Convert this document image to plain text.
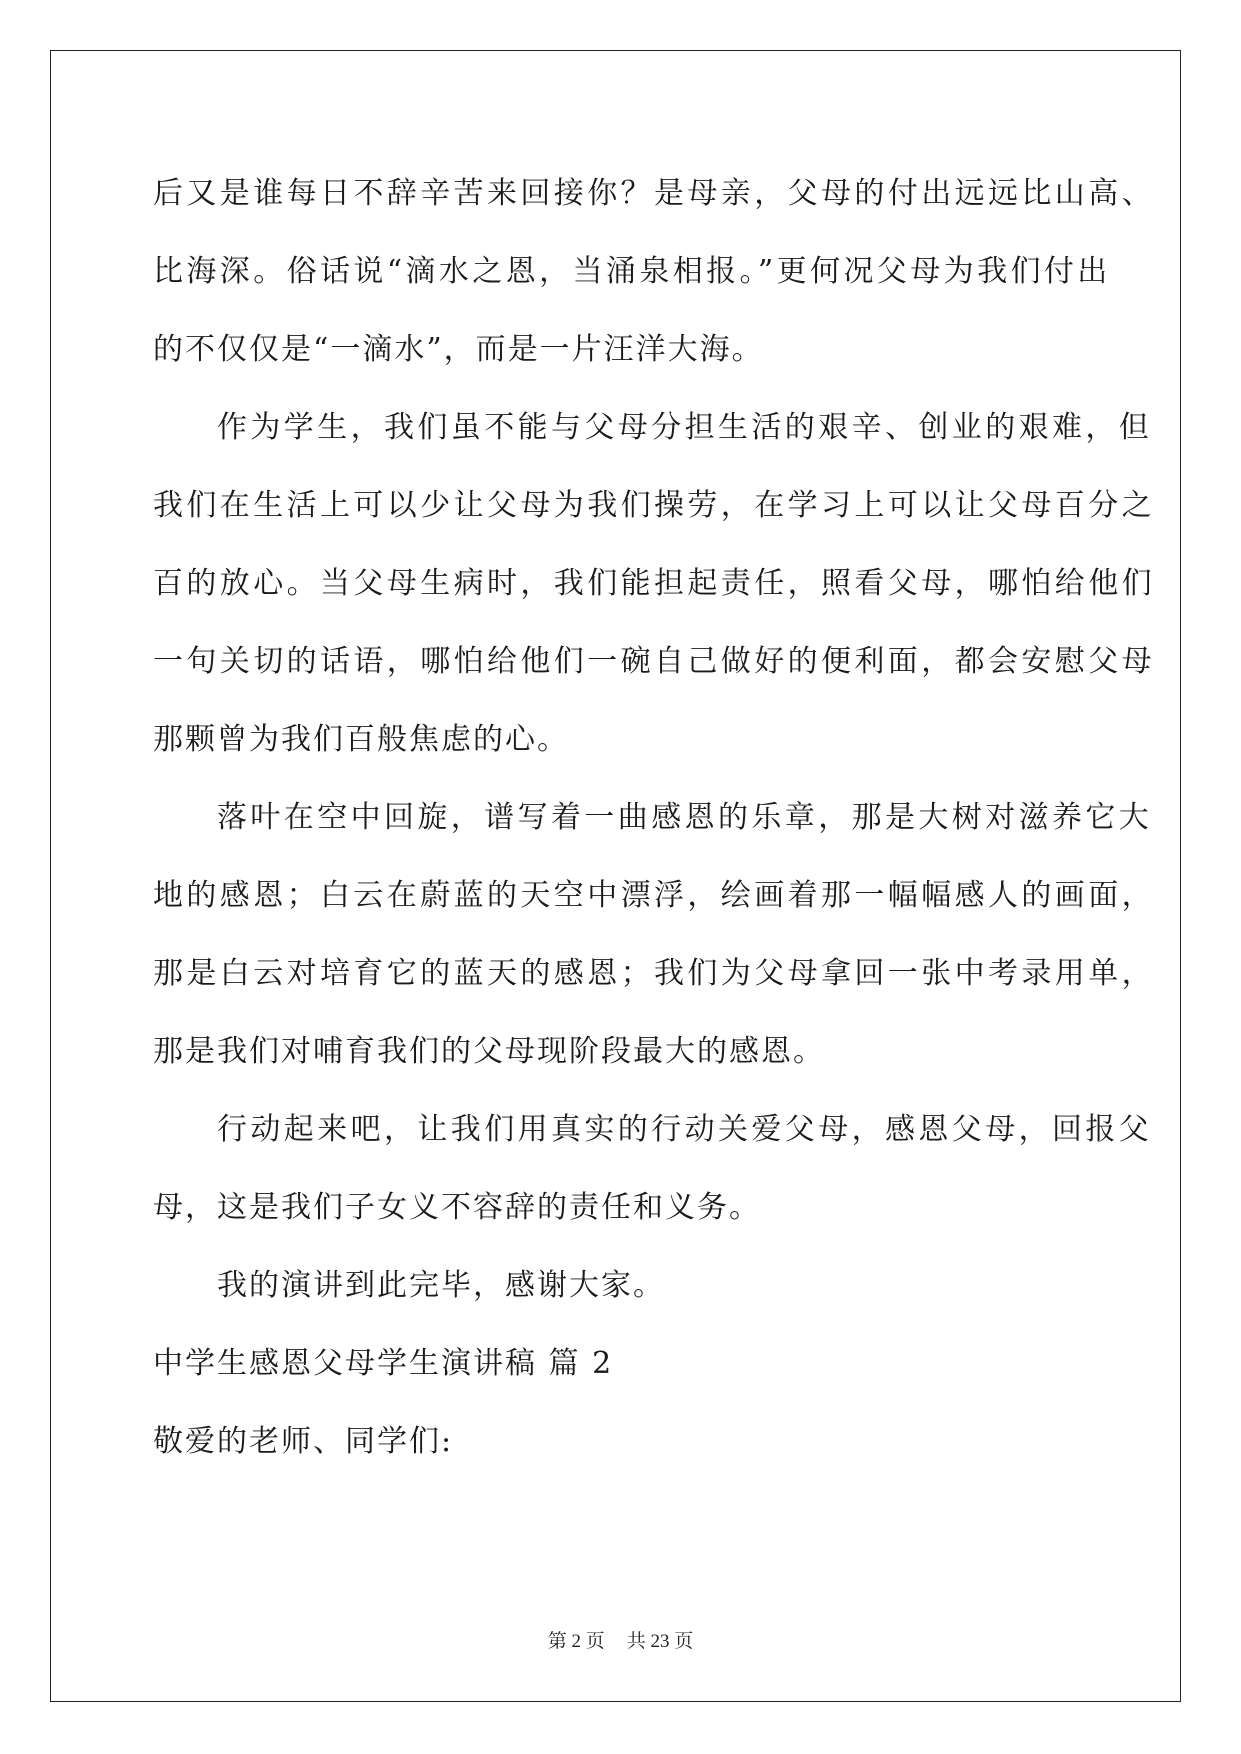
后又是谁每日不辞辛苦来回接你？是母亲，父母的付出远远比山高、
比海深。俗话说“滴水之恩，当涌泉相报。”更何况父母为我们付出
的不仅仅是“一滴水”，而是一片汪洋大海。
作为学生，我们虽不能与父母分担生活的艰辛、创业的艰难，但
我们在生活上可以少让父母为我们操劳，在学习上可以让父母百分之
百的放心。当父母生病时，我们能担起责任，照看父母，哪怕给他们
一句关切的话语，哪怕给他们一碗自己做好的便利面，都会安慰父母
那颗曾为我们百般焦虑的心。
落叶在空中回旋，谱写着一曲感恩的乐章，那是大树对滋养它大
地的感恩；白云在蔚蓝的天空中漂浮，绘画着那一幅幅感人的画面，
那是白云对培育它的蓝天的感恩；我们为父母拿回一张中考录用单，
那是我们对哺育我们的父母现阶段最大的感恩。
行动起来吧，让我们用真实的行动关爱父母，感恩父母，回报父
母，这是我们子女义不容辞的责任和义务。
我的演讲到此完毕，感谢大家。
中学生感恩父母学生演讲稿 篇 2
敬爱的老师、同学们:
第 2 页 共 23 页
